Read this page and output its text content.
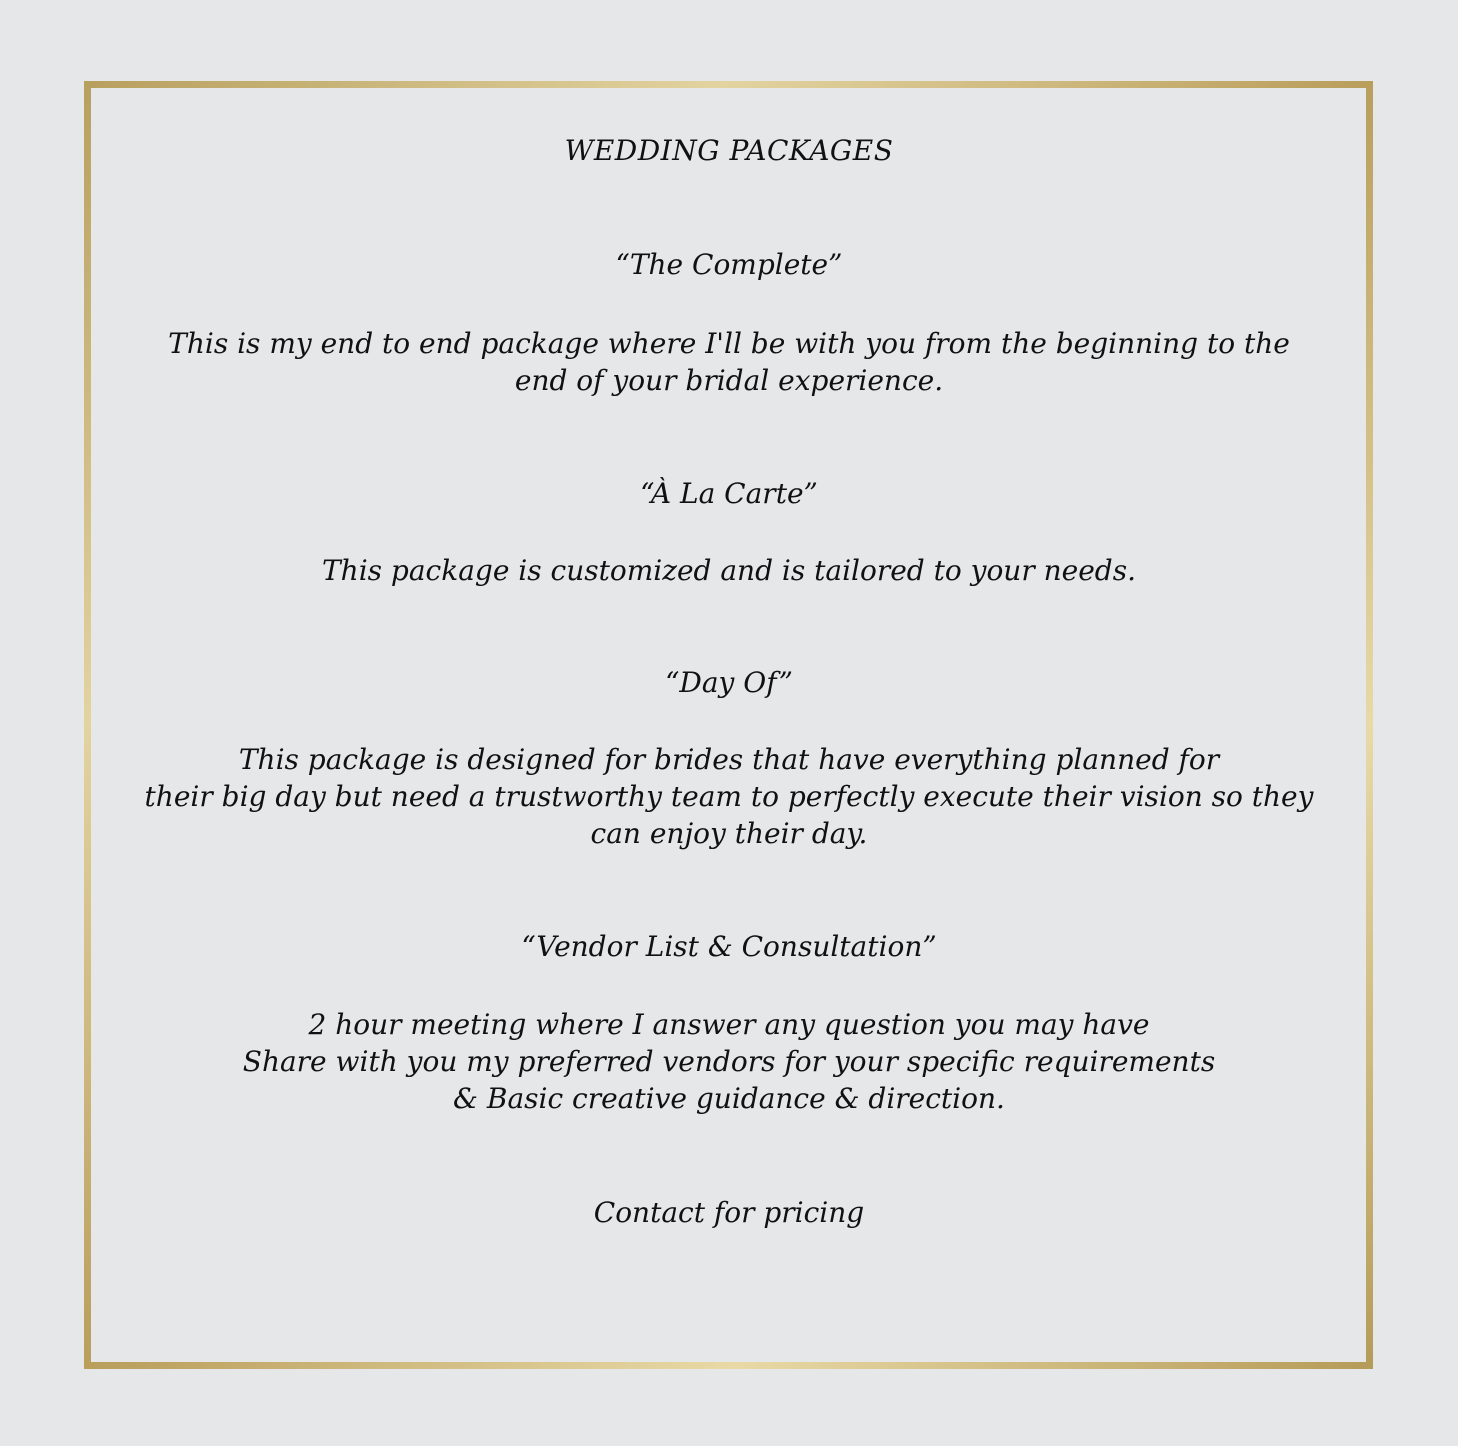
WEDDING PACKAGES
“The Complete”
This is my end to end package where I'll be with you from the beginning to the
end of your bridal experience.
“À La Carte”
This package is customized and is tailored to your needs.
“Day Of”
This package is designed for brides that have everything planned for
their big day but need a trustworthy team to perfectly execute their vision so they
can enjoy their day.
“Vendor List & Consultation”
2 hour meeting where I answer any question you may have
Share with you my preferred vendors for your specific requirements
& Basic creative guidance & direction.
Contact for pricing
